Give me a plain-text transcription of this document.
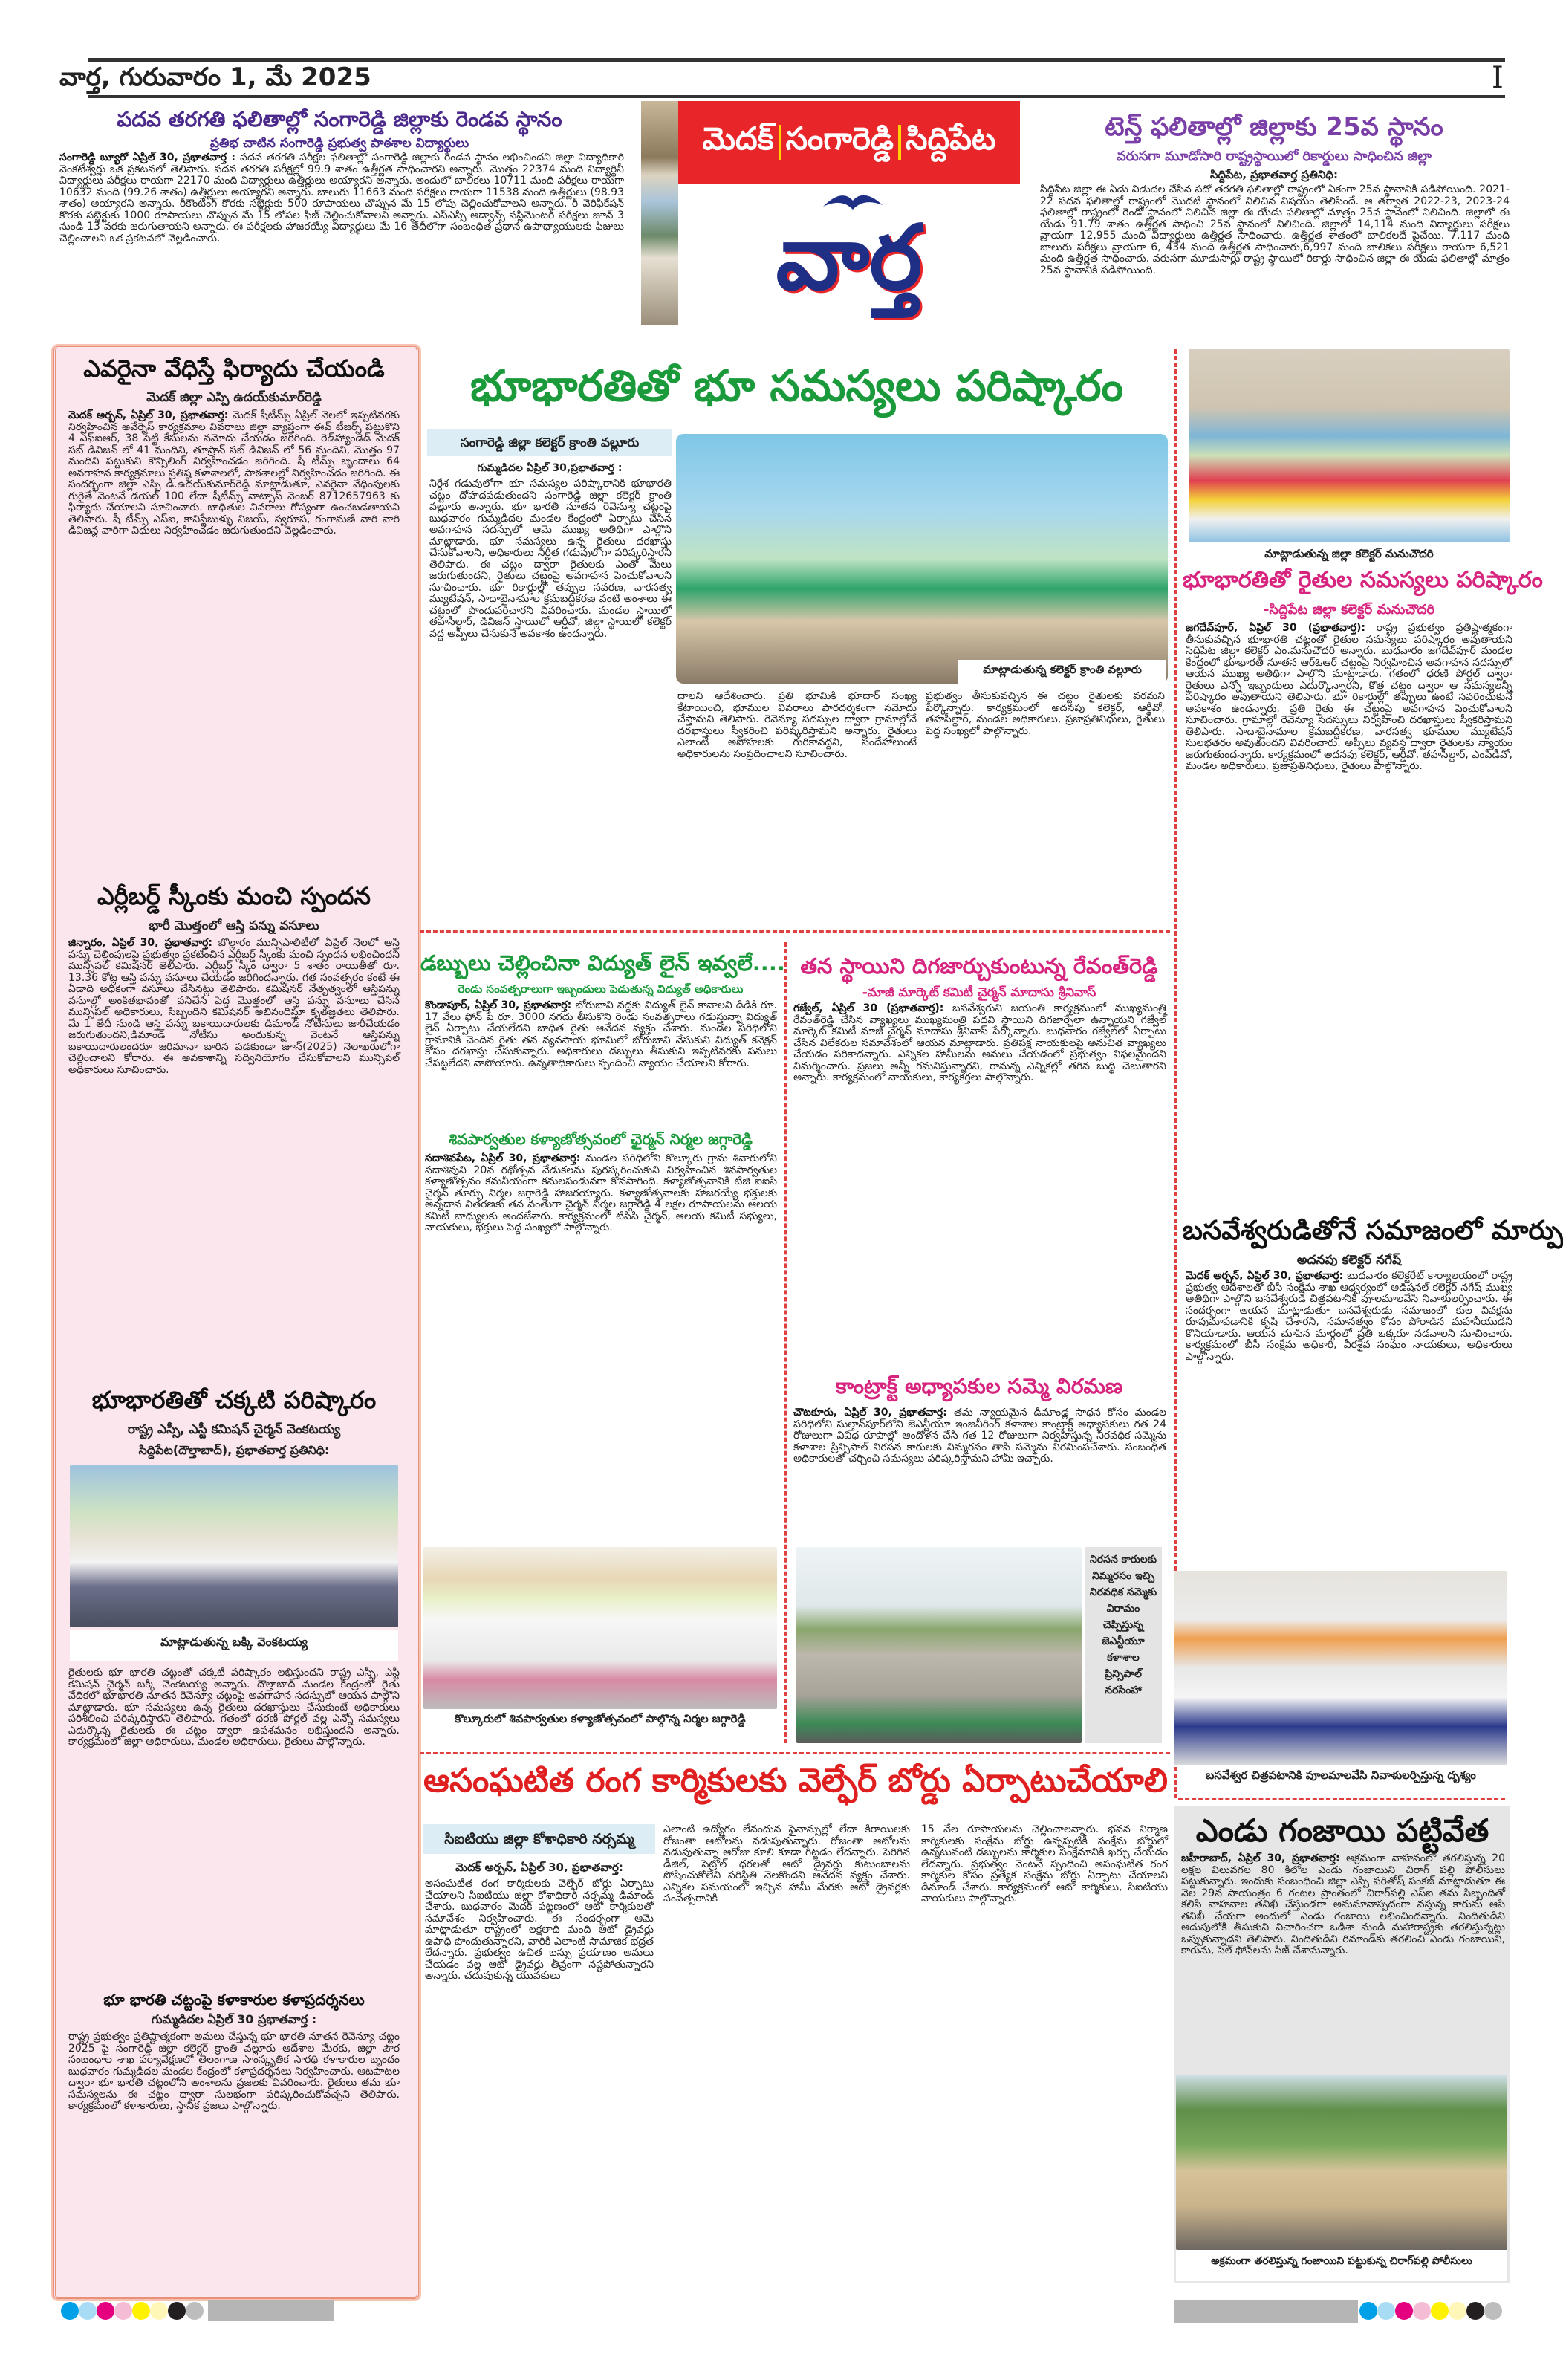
వార్త, గురువారం 1, మే 2025	I
పదవ తరగతి ఫలితాల్లో సంగారెడ్డి జిల్లాకు రెండవ స్థానం
ప్రతిభ చాటిన సంగారెడ్డి ప్రభుత్వ పాఠశాల విద్యార్థులు
సంగారెడ్డి బ్యూరో ఏప్రిల్ 30, ప్రభాతవార్త : పదవ తరగతి పరీక్షల ఫలితాల్లో సంగారెడ్డి జిల్లాకు రెండవ స్థానం లభించిందని జిల్లా విద్యాధికారి వెంకటేశ్వర్లు ఒక ప్రకటనలో తెలిపారు. పదవ తరగతి పరీక్షల్లో 99.9 శాతం ఉత్తీర్ణత సాధించారని అన్నారు. మొత్తం 22374 మంది విద్యార్థినీ విద్యార్థులు పరీక్షలు రాయగా 22170 మంది విద్యార్థులు ఉత్తీర్ణులు అయ్యారని అన్నారు. అందులో బాలికలు 10711 మంది పరీక్షలు రాయగా 10632 మంది (99.26 శాతం) ఉత్తీర్ణులు అయ్యారని అన్నారు. బాలురు 11663 మంది పరీక్షలు రాయగా 11538 మంది ఉత్తీర్ణులు (98.93 శాతం) అయ్యారని అన్నారు. రీకౌంటింగ్ కొరకు సబ్జెక్టుకు 500 రూపాయలు చొప్పున మే 15 లోపు చెల్లించుకోవాలని అన్నారు. రీ వెరిఫికేషన్ కొరకు సబ్జెక్టుకు 1000 రూపాయలు చొప్పున మే 15 లోపల ఫీజ్ చెల్లించుకోవాలని అన్నారు. ఎస్ఎస్సి అడ్వాన్స్ సప్లిమెంటరీ పరీక్షలు జూన్ 3 నుండి 13 వరకు జరుగుతాయని అన్నారు. ఈ పరీక్షలకు హాజరయ్యే విద్యార్థులు మే 16 తేదీలోగా సంబంధిత ప్రధాన ఉపాధ్యాయులకు ఫీజులు చెల్లించాలని ఒక ప్రకటనలో వెల్లడించారు.
మెదక్ సంగారెడ్డి సిద్దిపేట
వార్త
టెన్త్ ఫలితాల్లో జిల్లాకు 25వ స్థానం
వరుసగా మూడోసారి రాష్ట్రస్థాయిలో రికార్డులు సాధించిన జిల్లా
సిద్దిపేట, ప్రభాతవార్త ప్రతినిధి:
సిద్దిపేట జిల్లా ఈ ఏడు విడుదల చేసిన పదో తరగతి ఫలితాల్లో రాష్ట్రంలో ఏకంగా 25వ స్థానానికి పడిపోయింది. 2021-22 పదవ ఫలితాల్లో రాష్ట్రంలో మొదటి స్థానంలో నిలిచిన విషయం తెలిసిందే. ఆ తర్వాత 2022-23, 2023-24 ఫలితాల్లో రాష్ట్రంలో రెండో స్థానంలో నిలిచిన జిల్లా ఈ యేడు ఫలితాల్లో మాత్రం 25వ స్థానంలో నిలిచింది. జిల్లాలో ఈ యేడు 91.79 శాతం ఉత్తీర్ణత సాధించి 25వ స్థానంలో నిలిచింది. జిల్లాలో 14,114 మంది విద్యార్థులు పరీక్షలు వ్రాయగా 12,955 మంది విద్యార్థులు ఉత్తీర్ణత సాధించారు. ఉత్తీర్ణత శాతంలో బాలికలదే పైచేయి. 7,117 మంది బాలురు పరీక్షలు వ్రాయగా 6, 434 మంది ఉత్తీర్ణత సాధించారు,6,997 మంది బాలికలు పరీక్షలు రాయగా 6,521 మంది ఉత్తీర్ణత సాధించారు. వరుసగా మూడుసార్లు రాష్ట్ర స్థాయిలో రికార్డు సాధించిన జిల్లా ఈ యేడు ఫలితాల్లో మాత్రం 25వ స్థానానికి పడిపోయింది.
ఎవరైనా వేధిస్తే ఫిర్యాదు చేయండి
మెదక్ జిల్లా ఎస్పి ఉదయ్‌కుమార్‌రెడ్డి
మెదక్ అర్బన్, ఏప్రిల్ 30, ప్రభాతవార్త: మెదక్ షీటీమ్స్ ఏప్రిల్ నెలలో ఇప్పటివరకు నిర్వహించిన అవేర్నెస్ కార్యక్రమాల వివరాలు జిల్లా వ్యాప్తంగా ఈవ్ టీజర్స్ పట్టుకొని 4 ఎఫ్ఐఆర్, 38 పెట్టి కేసులను నమోదు చేయడం జరిగింది. రెడ్‌హ్యాండెడ్ మెదక్ సబ్ డివిజన్ లో 41 మందిని, తూప్రాన్ సబ్ డివిజన్ లో 56 మందిని, మొత్తం 97 మందిని పట్టుకుని కౌన్సిలింగ్ నిర్వహించడం జరిగింది. షీ టీమ్స్ బృందాలు 64 అవగాహన కార్యక్రమాలు ప్రతిష్ఠ కళాశాలలో, పాఠశాలల్లో నిర్వహించడం జరిగింది. ఈ సందర్భంగా జిల్లా ఎస్పి డి.ఉదయ్‌కుమార్‌రెడ్డి మాట్లాడుతూ, ఎవరైనా వేధింపులకు గురైతే వెంటనే డయల్ 100 లేదా షీటీమ్స్ వాట్సాప్ నెంబర్ 8712657963 కు ఫిర్యాదు చేయాలని సూచించారు. బాధితుల వివరాలు గోప్యంగా ఉంచబడతాయని తెలిపారు. షీ టీమ్స్ ఎస్ఐ, కానిస్టేబుళ్ళు విజయ్, స్వరూప, గంగామణి వారి వారి డివిజన్ల వారిగా విధులు నిర్వహించడం జరుగుతుందని వెల్లడించారు.
ఎర్లీబర్డ్ స్కీంకు మంచి స్పందన
భారీ మొత్తంలో ఆస్తి పన్ను వసూలు
జిన్నారం, ఏప్రిల్ 30, ప్రభాతవార్త: బొల్లారం మున్సిపాలిటీలో ఏప్రిల్ నెలలో ఆస్తి పన్ను చెల్లింపులపై ప్రభుత్వం ప్రకటించిన ఎర్లీబర్డ్ స్కీంకు మంచి స్పందన లభించిందని మున్సిపల్ కమిషనర్ తెలిపారు. ఎర్లీబర్డ్ స్కీం ద్వారా 5 శాతం రాయితీతో రూ. 13.36 కోట్ల ఆస్తి పన్ను వసూలు చేయడం జరిగిందన్నారు. గత సంవత్సరం కంటే ఈ ఏడాది అధికంగా వసూలు చేసినట్లు తెలిపారు. కమిషనర్ నేతృత్వంలో ఆస్తిపన్ను వసూల్లో అంకితభావంతో పనిచేసి పెద్ద మొత్తంలో ఆస్తి పన్ను వసూలు చేసిన మున్సిపల్ అధికారులు, సిబ్బందిని కమిషనర్ అభినందిస్తూ కృతజ్ఞతలు తెలిపారు. మే 1 తేదీ నుండి ఆస్తి పన్ను బకాయిదారులకు డిమాండ్ నోటీసులు జారీచేయడం జరుగుతుందని,డిమాండ్ నోటీసు అందుకున్న వెంటనే ఆస్తిపన్ను బకాయిదారులందరూ జరిమానా బారిన పడకుండా జూన్(2025) నెలాఖరులోగా చెల్లించాలని కోరారు. ఈ అవకాశాన్ని సద్వినియోగం చేసుకోవాలని మున్సిపల్ అధికారులు సూచించారు.
భూభారతితో చక్కటి పరిష్కారం
రాష్ట్ర ఎస్సీ, ఎస్టీ కమిషన్ చైర్మన్ వెంకటయ్య
సిద్దిపేట(దౌల్తాబాద్), ప్రభాతవార్త ప్రతినిధి:
మాట్లాడుతున్న బక్కి వెంకటయ్య
రైతులకు భూ భారతి చట్టంతో చక్కటి పరిష్కారం లభిస్తుందని రాష్ట్ర ఎస్సీ, ఎస్టీ కమిషన్ చైర్మన్ బక్కి వెంకటయ్య అన్నారు. దౌల్తాబాద్ మండల కేంద్రంలో రైతు వేదికలో భూభారతి నూతన రెవెన్యూ చట్టంపై అవగాహన సదస్సులో ఆయన పాల్గొని మాట్లాడారు. భూ సమస్యలు ఉన్న రైతులు దరఖాస్తులు చేసుకుంటే అధికారులు పరిశీలించి పరిష్కరిస్తారని తెలిపారు. గతంలో ధరణి పోర్టల్ వల్ల ఎన్నో సమస్యలు ఎదుర్కొన్న రైతులకు ఈ చట్టం ద్వారా ఉపశమనం లభిస్తుందని అన్నారు. కార్యక్రమంలో జిల్లా అధికారులు, మండల అధికారులు, రైతులు పాల్గొన్నారు.
భూ భారతి చట్టంపై కళాకారుల కళాప్రదర్శనలు
గుమ్మడిదల ఏప్రిల్ 30 ప్రభాతవార్త :
రాష్ట్ర ప్రభుత్వం ప్రతిష్టాత్మకంగా అమలు చేస్తున్న భూ భారతి నూతన రెవెన్యూ చట్టం 2025 పై సంగారెడ్డి జిల్లా కలెక్టర్ క్రాంతి వల్లూరు ఆదేశాల మేరకు, జిల్లా పౌర సంబంధాల శాఖ పర్యావేక్షణలో తెలంగాణ సాంస్కృతిక సారథి కళాకారుల బృందం బుధవారం గుమ్మడిదల మండల కేంద్రంలో కళాప్రదర్శనలు నిర్వహించారు. ఆటపాటల ద్వారా భూ భారతి చట్టంలోని అంశాలను ప్రజలకు వివరించారు. రైతులు తమ భూ సమస్యలను ఈ చట్టం ద్వారా సులభంగా పరిష్కరించుకోవచ్చని తెలిపారు. కార్యక్రమంలో కళాకారులు, స్థానిక ప్రజలు పాల్గొన్నారు.
భూభారతితో భూ సమస్యలు పరిష్కారం
సంగారెడ్డి జిల్లా కలెక్టర్ క్రాంతి వల్లూరు
గుమ్మడిదల ఏప్రిల్ 30,ప్రభాతవార్త :
నిర్దేశ గడువులోగా భూ సమస్యల పరిష్కారానికి భూభారతి చట్టం దోహదపడుతుందని సంగారెడ్డి జిల్లా కలెక్టర్ క్రాంతి వల్లూరు అన్నారు. భూ భారతి నూతన రెవెన్యూ చట్టంపై బుధవారం గుమ్మడిదల మండల కేంద్రంలో ఏర్పాటు చేసిన అవగాహన సదస్సులో ఆమె ముఖ్య అతిథిగా పాల్గొని మాట్లాడారు. భూ సమస్యలు ఉన్న రైతులు దరఖాస్తు చేసుకోవాలని, అధికారులు నిర్ణీత గడువులోగా పరిష్కరిస్తారని తెలిపారు. ఈ చట్టం ద్వారా రైతులకు ఎంతో మేలు జరుగుతుందని, రైతులు చట్టంపై అవగాహన పెంచుకోవాలని సూచించారు. భూ రికార్డుల్లో తప్పుల సవరణ, వారసత్వ మ్యుటేషన్, సాదాబైనామాల క్రమబద్ధీకరణ వంటి అంశాలు ఈ చట్టంలో పొందుపరిచారని వివరించారు. మండల స్థాయిలో తహసీల్దార్, డివిజన్ స్థాయిలో ఆర్డీవో, జిల్లా స్థాయిలో కలెక్టర్ వద్ద అప్పీలు చేసుకునే అవకాశం ఉందన్నారు.
మాట్లాడుతున్న కలెక్టర్ క్రాంతి వల్లూరు
దాలని ఆదేశించారు. ప్రతి భూమికి భూదార్ సంఖ్య కేటాయించి, భూముల వివరాలు పారదర్శకంగా నమోదు చేస్తామని తెలిపారు. రెవెన్యూ సదస్సుల ద్వారా గ్రామాల్లోనే దరఖాస్తులు స్వీకరించి పరిష్కరిస్తామని అన్నారు. రైతులు ఎలాంటి అపోహలకు గురికావద్దని, సందేహాలుంటే అధికారులను సంప్రదించాలని సూచించారు.
ప్రభుత్వం తీసుకువచ్చిన ఈ చట్టం రైతులకు వరమని పేర్కొన్నారు. కార్యక్రమంలో అదనపు కలెక్టర్, ఆర్డీవో, తహసీల్దార్, మండల అధికారులు, ప్రజాప్రతినిధులు, రైతులు పెద్ద సంఖ్యలో పాల్గొన్నారు.
డబ్బులు చెల్లించినా విద్యుత్ లైన్ ఇవ్వలే....
రెండు సంవత్సరాలుగా ఇబ్బందులు పెడుతున్న విద్యుత్ అధికారులు
కొండాపూర్, ఏప్రిల్ 30, ప్రభాతవార్త: బోరుబావి వద్దకు విద్యుత్ లైన్ కావాలని డిడికి రూ. 17 వేలు ఫోన్ పే రూ. 3000 నగదు తీసుకొని రెండు సంవత్సరాలు గడుస్తున్నా విద్యుత్ లైన్ ఏర్పాటు చేయలేదని బాధిత రైతు ఆవేదన వ్యక్తం చేశారు. మండల పరిధిలోని గ్రామానికి చెందిన రైతు తన వ్యవసాయ భూమిలో బోరుబావి వేసుకుని విద్యుత్ కనెక్షన్ కోసం దరఖాస్తు చేసుకున్నారు. అధికారులు డబ్బులు తీసుకుని ఇప్పటివరకు పనులు చేపట్టలేదని వాపోయారు. ఉన్నతాధికారులు స్పందించి న్యాయం చేయాలని కోరారు.
శివపార్వతుల కళ్యాణోత్సవంలో ఛైర్మన్ నిర్మల జగ్గారెడ్డి
సదాశివపేట, ఏప్రిల్ 30, ప్రభాతవార్త: మండల పరిధిలోని కొల్కూరు గ్రామ శివారులోని సదాశివుని 20వ రథోత్సవ వేడుకలను పురస్కరించుకుని నిర్వహించిన శివపార్వతుల కళ్యాణోత్సవం కమనీయంగా కనులపండువగా కొనసాగింది. కళ్యాణోత్సవానికి టిజి ఐఐసి చైర్మన్ తూర్పు నిర్మల జగ్గారెడ్డి హాజరయ్యారు. కళ్యాణోత్సవాలకు హాజరయ్యే భక్తులకు అన్నదాన వితరణకు తన వంతుగా చైర్మన్ నిర్మల జగ్గారెడ్డి 4 లక్షల రూపాయలను ఆలయ కమిటీ బాధ్యులకు అందజేశారు. కార్యక్రమంలో టిపిసి చైర్మన్, ఆలయ కమిటీ సభ్యులు, నాయకులు, భక్తులు పెద్ద సంఖ్యలో పాల్గొన్నారు.
కొల్కూరులో శివపార్వతుల కళ్యాణోత్సవంలో పాల్గొన్న నిర్మల జగ్గారెడ్డి
తన స్థాయిని దిగజార్చుకుంటున్న రేవంత్‌రెడ్డి
-మాజీ మార్కెట్ కమిటీ చైర్మన్ మాదాసు శ్రీనివాస్
గజ్వేల్, ఏప్రిల్ 30 (ప్రభాతవార్త): బసవేశ్వరుని జయంతి కార్యక్రమంలో ముఖ్యమంత్రి రేవంత్‌రెడ్డి చేసిన వ్యాఖ్యలు ముఖ్యమంత్రి పదవి స్థాయిని దిగజార్చేలా ఉన్నాయని గజ్వేల్ మార్కెట్ కమిటీ మాజీ చైర్మన్ మాదాసు శ్రీనివాస్ పేర్కొన్నారు. బుధవారం గజ్వేల్‌లో ఏర్పాటు చేసిన విలేకరుల సమావేశంలో ఆయన మాట్లాడారు. ప్రతిపక్ష నాయకులపై అనుచిత వ్యాఖ్యలు చేయడం సరికాదన్నారు. ఎన్నికల హామీలను అమలు చేయడంలో ప్రభుత్వం విఫలమైందని విమర్శించారు. ప్రజలు అన్నీ గమనిస్తున్నారని, రానున్న ఎన్నికల్లో తగిన బుద్ధి చెబుతారని అన్నారు. కార్యక్రమంలో నాయకులు, కార్యకర్తలు పాల్గొన్నారు.
కాంట్రాక్ట్ అధ్యాపకుల సమ్మె విరమణ
చౌటకూరు, ఏప్రిల్ 30, ప్రభాతవార్త: తమ న్యాయమైన డిమాండ్ల సాధన కోసం మండల పరిధిలోని సుల్తాన్‌పూర్‌లోని జెఎన్టీయూ ఇంజనీరింగ్ కళాశాల కాంట్రాక్ట్ అధ్యాపకులు గత 24 రోజులుగా వివిధ రూపాల్లో ఆందోళన చేసి గత 12 రోజులుగా నిర్వహిస్తున్న నిరవధిక సమ్మెను కళాశాల ప్రిన్సిపాల్ నిరసన కారులకు నిమ్మరసం తాపి సమ్మెను విరమింపచేశారు. సంబంధిత అధికారులతో చర్చించి సమస్యలు పరిష్కరిస్తామని హామీ ఇచ్చారు.
నిరసన కారులకు నిమ్మరసం ఇచ్చి నిరవధిక సమ్మెకు విరామం చెప్పిస్తున్న జెఎన్టీయూ కళాశాల ప్రిన్సిపాల్ నరసింహా
ఆసంఘటిత రంగ కార్మికులకు వెల్ఫేర్ బోర్డు ఏర్పాటుచేయాలి
సిఐటియు జిల్లా కోశాధికారి నర్సమ్మ
మెదక్ అర్బన్, ఏప్రిల్ 30, ప్రభాతవార్త:
అసంఘటిత రంగ కార్మికులకు వెల్ఫేర్ బోర్డు ఏర్పాటు చేయాలని సిఐటియు జిల్లా కోశాధికారి నర్సమ్మ డిమాండ్ చేశారు. బుధవారం మెదక్ పట్టణంలో ఆటో కార్మికులతో సమావేశం నిర్వహించారు. ఈ సందర్భంగా ఆమె మాట్లాడుతూ రాష్ట్రంలో లక్షలాది మంది ఆటో డ్రైవర్లు ఉపాధి పొందుతున్నారని, వారికి ఎలాంటి సామాజిక భద్రత లేదన్నారు. ప్రభుత్వం ఉచిత బస్సు ప్రయాణం అమలు చేయడం వల్ల ఆటో డ్రైవర్లు తీవ్రంగా నష్టపోతున్నారని అన్నారు. చదువుకున్న యువకులు
ఎలాంటి ఉద్యోగం లేనందున ఫైనాన్సుల్లో లేదా కిరాయిలకు రోజంతా ఆటోలను నడుపుతున్నారు. రోజంతా ఆటోలను నడుపుతున్నా ఆరోజు కూలి కూడా గిట్టడం లేదన్నారు. పెరిగిన డీజిల్, పెట్రోల్ ధరలతో ఆటో డ్రైవర్లు కుటుంబాలను పోషించుకోలేని పరిస్థితి నెలకొందని ఆవేదన వ్యక్తం చేశారు. ఎన్నికల సమయంలో ఇచ్చిన హామీ మేరకు ఆటో డ్రైవర్లకు సంవత్సరానికి
15 వేల రూపాయలను చెల్లించాలన్నారు. భవన నిర్మాణ కార్మికులకు సంక్షేమ బోర్డు ఉన్నప్పటికీ సంక్షేమ బోర్డులో ఉన్నటువంటి డబ్బులను కార్మికుల సంక్షేమానికి ఖర్చు చేయడం లేదన్నారు. ప్రభుత్వం వెంటనే స్పందించి అసంఘటిత రంగ కార్మికుల కోసం ప్రత్యేక సంక్షేమ బోర్డు ఏర్పాటు చేయాలని డిమాండ్ చేశారు. కార్యక్రమంలో ఆటో కార్మికులు, సిఐటియు నాయకులు పాల్గొన్నారు.
మాట్లాడుతున్న జిల్లా కలెక్టర్ మనుచౌదరి
భూభారతితో రైతుల సమస్యలు పరిష్కారం
-సిద్దిపేట జిల్లా కలెక్టర్ మనుచౌదరి
జగదేవ్‌పూర్, ఏప్రిల్ 30 (ప్రభాతవార్త): రాష్ట్ర ప్రభుత్వం ప్రతిష్టాత్మకంగా తీసుకువచ్చిన భూభారతి చట్టంతో రైతుల సమస్యలు పరిష్కారం అవుతాయని సిద్దిపేట జిల్లా కలెక్టర్ ఎం.మనుచౌదరి అన్నారు. బుధవారం జగదేవ్‌పూర్ మండల కేంద్రంలో భూభారతి నూతన ఆర్ఓఆర్ చట్టంపై నిర్వహించిన అవగాహన సదస్సులో ఆయన ముఖ్య అతిథిగా పాల్గొని మాట్లాడారు. గతంలో ధరణి పోర్టల్ ద్వారా రైతులు ఎన్నో ఇబ్బందులు ఎదుర్కొన్నారని, కొత్త చట్టం ద్వారా ఆ సమస్యలన్నీ పరిష్కారం అవుతాయని తెలిపారు. భూ రికార్డుల్లో తప్పులు ఉంటే సవరించుకునే అవకాశం ఉందన్నారు. ప్రతి రైతు ఈ చట్టంపై అవగాహన పెంచుకోవాలని సూచించారు. గ్రామాల్లో రెవెన్యూ సదస్సులు నిర్వహించి దరఖాస్తులు స్వీకరిస్తామని తెలిపారు. సాదాబైనామాల క్రమబద్ధీకరణ, వారసత్వ భూముల మ్యుటేషన్ సులభతరం అవుతుందని వివరించారు. అప్పీలు వ్యవస్థ ద్వారా రైతులకు న్యాయం జరుగుతుందన్నారు. కార్యక్రమంలో అదనపు కలెక్టర్, ఆర్డీవో, తహసీల్దార్, ఎంపీడీవో, మండల అధికారులు, ప్రజాప్రతినిధులు, రైతులు పాల్గొన్నారు.
బసవేశ్వరుడితోనే సమాజంలో మార్పు
అదనపు కలెక్టర్ నగేష్
మెదక్ అర్బన్, ఏప్రిల్ 30, ప్రభాతవార్త: బుధవారం కలెక్టరేట్ కార్యాలయంలో రాష్ట్ర ప్రభుత్వ ఆదేశాలతో బీసీ సంక్షేమ శాఖ ఆధ్వర్యంలో అడిషనల్ కలెక్టర్ నగేష్ ముఖ్య అతిథిగా పాల్గొని బసవేశ్వరుడి చిత్రపటానికి పూలమాలవేసి నివాళులర్పించారు. ఈ సందర్భంగా ఆయన మాట్లాడుతూ బసవేశ్వరుడు సమాజంలో కుల వివక్షను రూపుమాపడానికి కృషి చేశారని, సమానత్వం కోసం పోరాడిన మహనీయుడని కొనియాడారు. ఆయన చూపిన మార్గంలో ప్రతి ఒక్కరూ నడవాలని సూచించారు. కార్యక్రమంలో బీసీ సంక్షేమ అధికారి, వీరశైవ సంఘం నాయకులు, అధికారులు పాల్గొన్నారు.
బసవేశ్వర చిత్రపటానికి పూలమాలవేసి నివాళులర్పిస్తున్న దృశ్యం
ఎండు గంజాయి పట్టివేత
జహీరాబాద్, ఏప్రిల్ 30, ప్రభాతవార్త: అక్రమంగా వాహనంలో తరలిస్తున్న 20 లక్షల విలువగల 80 కిలోల ఎండు గంజాయిని చిరాగ్ పల్లి పోలీసులు పట్టుకున్నారు. ఇందుకు సంబంధించి జిల్లా ఎస్పి పరితోష్ పంకజ్ మాట్లాడుతూ ఈ నెల 29న సాయంత్రం 6 గంటల ప్రాంతంలో చిరాగ్‌పల్లి ఎస్ఐ తమ సిబ్బందితో కలిసి వాహనాల తనిఖీ చేస్తుండగా అనుమానాస్పదంగా వస్తున్న కారును ఆపి తనిఖీ చేయగా అందులో ఎండు గంజాయి లభించిందన్నారు. నిందితుడిని అదుపులోకి తీసుకుని విచారించగా ఒడిశా నుండి మహారాష్ట్రకు తరలిస్తున్నట్లు ఒప్పుకున్నాడని తెలిపారు. నిందితుడిని రిమాండ్‌కు తరలించి ఎండు గంజాయిని, కారును, సెల్ ఫోన్‌లను సీజ్ చేశామన్నారు.
అక్రమంగా తరలిస్తున్న గంజాయిని పట్టుకున్న చిరాగ్‌పల్లి పోలీసులు
